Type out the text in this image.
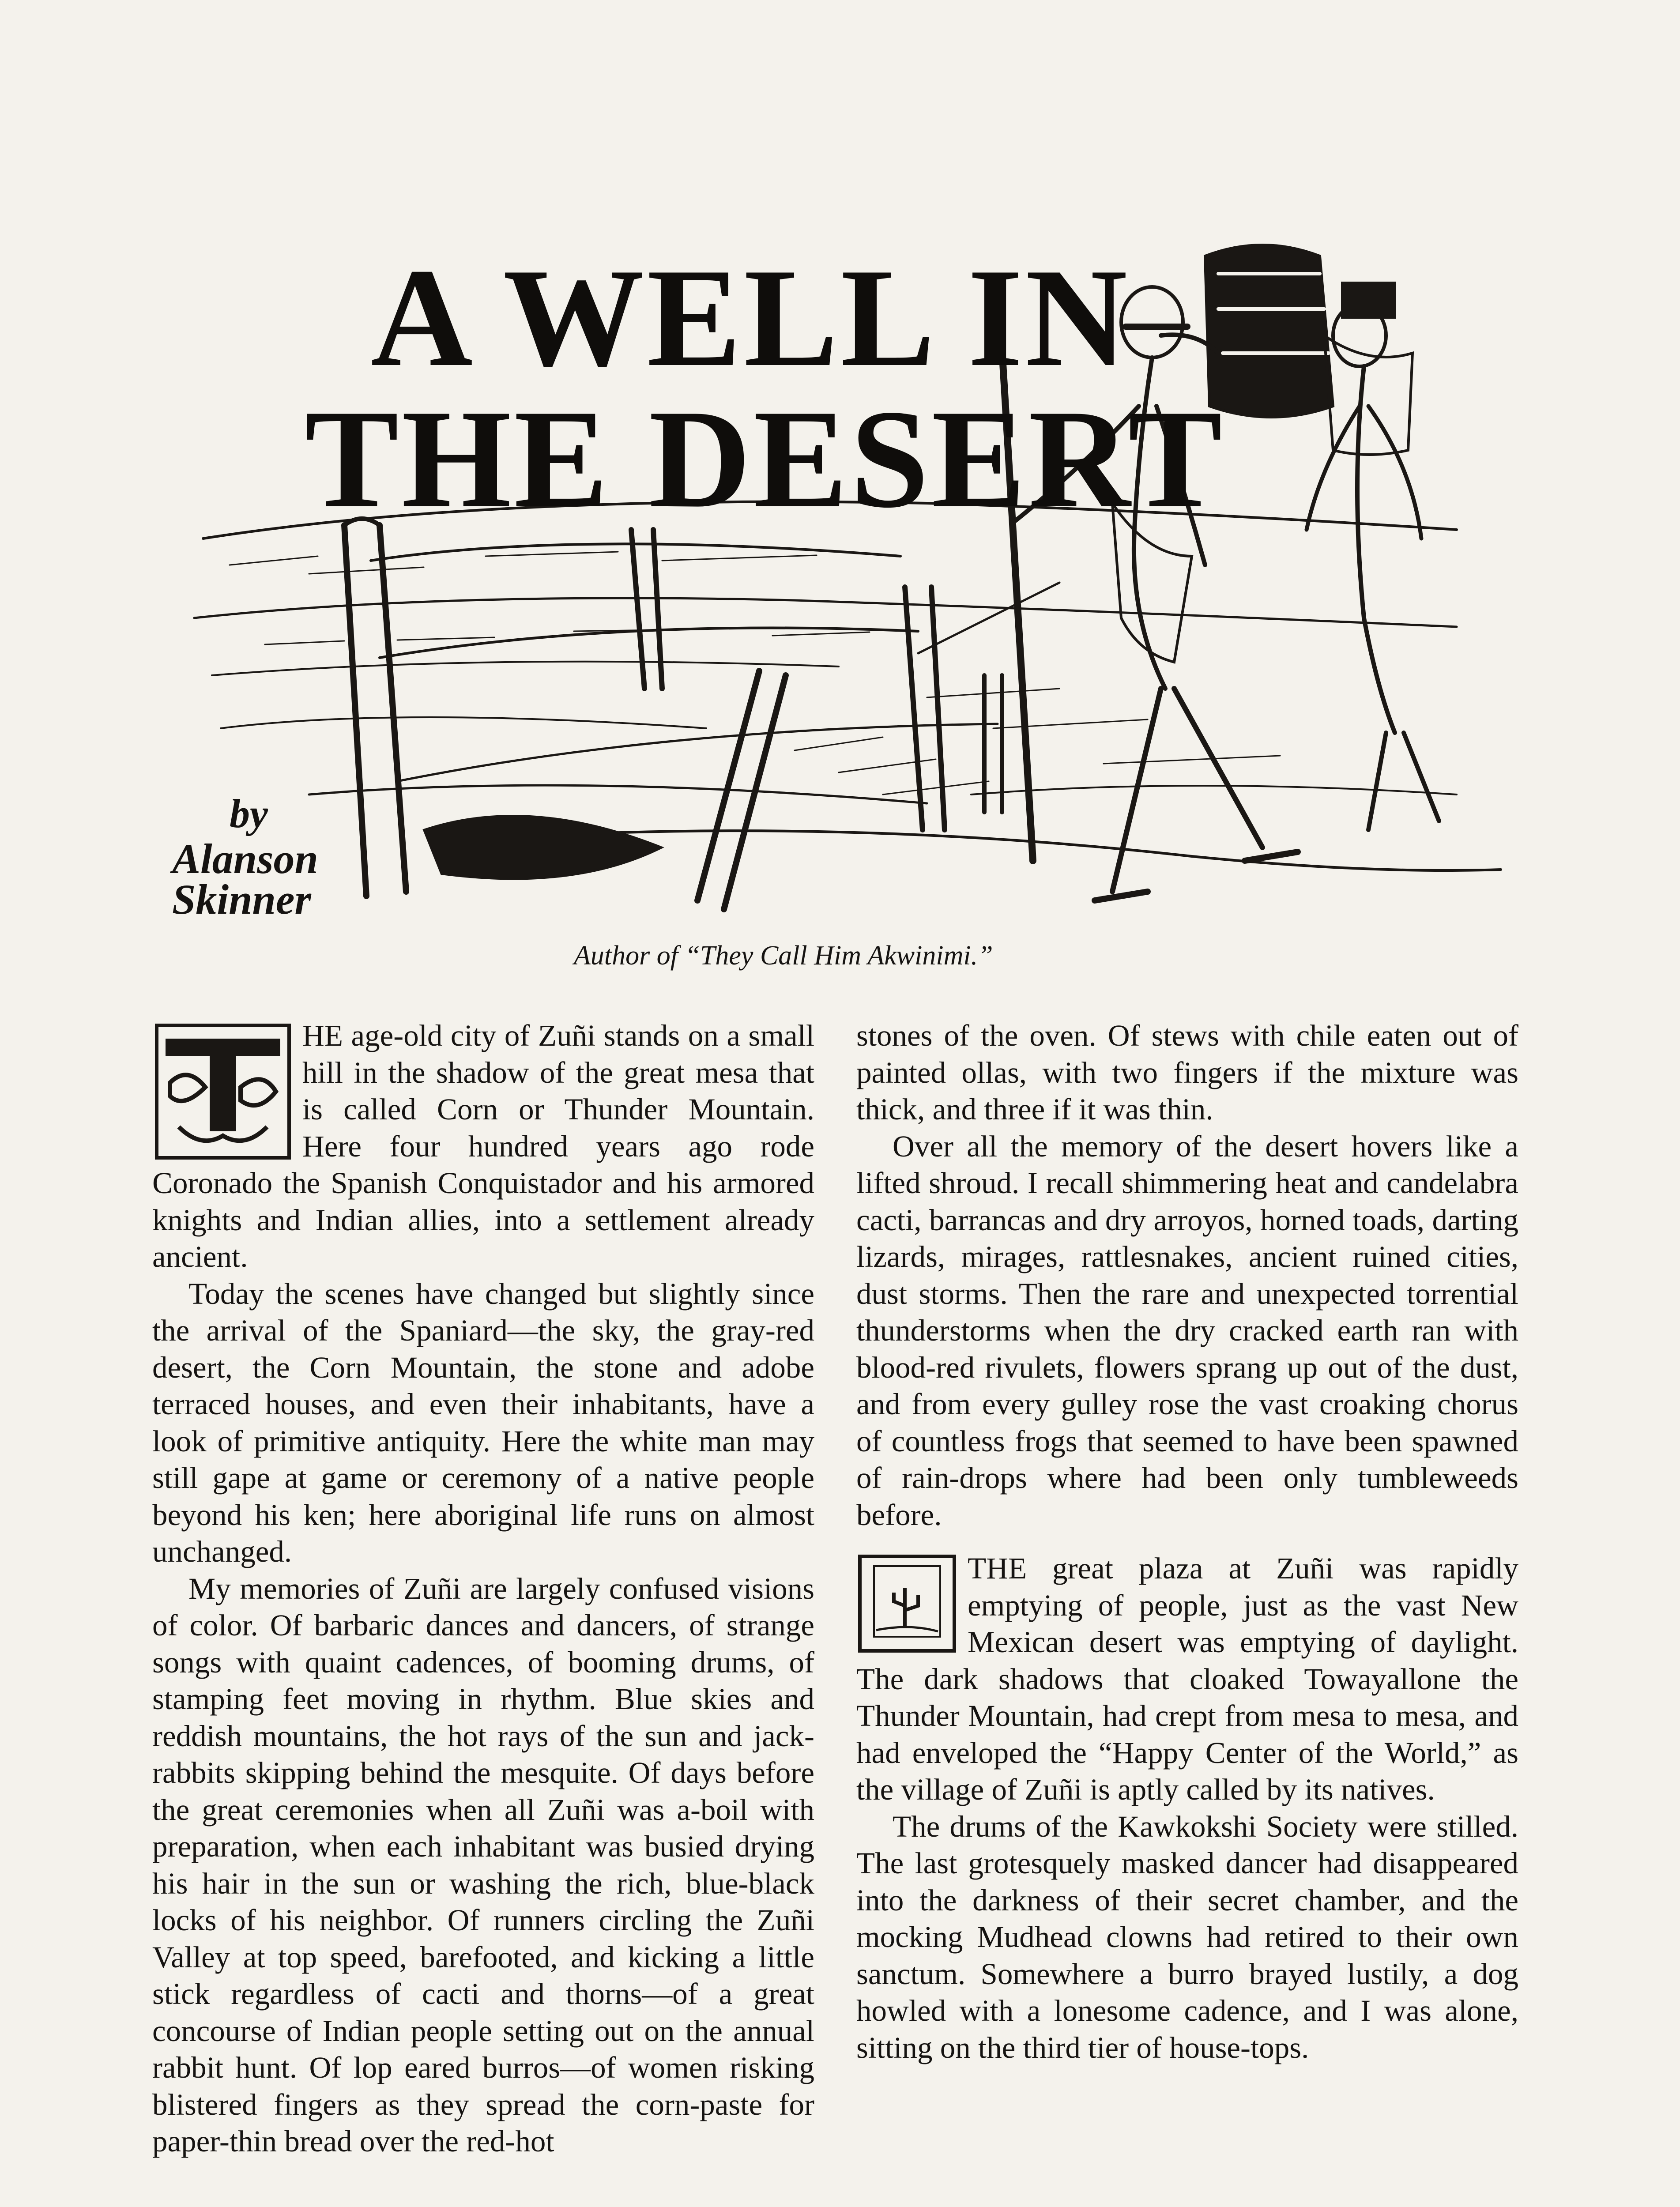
A WELL IN
THE DESERT
by
Alanson Skinner
Author of “They Call Him Akwinimi.”

HE age-old city of Zuñi stands on a small hill in the shadow of the great mesa that is called Corn or Thunder Mountain. Here four hundred years ago rode Coronado the Spanish Conquistador and his armored knights and Indian allies, into a settlement already ancient.

Today the scenes have changed but slightly since the arrival of the Spaniard—the sky, the gray-red desert, the Corn Mountain, the stone and adobe terraced houses, and even their inhabitants, have a look of primitive antiquity. Here the white man may still gape at game or ceremony of a native people beyond his ken; here aboriginal life runs on almost unchanged.

My memories of Zuñi are largely confused visions of color. Of barbaric dances and dancers, of strange songs with quaint cadences, of booming drums, of stamping feet moving in rhythm. Blue skies and reddish mountains, the hot rays of the sun and jack-rabbits skipping behind the mesquite. Of days before the great ceremonies when all Zuñi was a-boil with preparation, when each inhabitant was busied drying his hair in the sun or washing the rich, blue-black locks of his neighbor. Of runners circling the Zuñi Valley at top speed, barefooted, and kicking a little stick regardless of cacti and thorns—of a great concourse of Indian people setting out on the annual rabbit hunt. Of lop eared burros—of women risking blistered fingers as they spread the corn-paste for paper-thin bread over the red-hot

stones of the oven. Of stews with chile eaten out of painted ollas, with two fingers if the mixture was thick, and three if it was thin.

Over all the memory of the desert hovers like a lifted shroud. I recall shimmering heat and candelabra cacti, barrancas and dry arroyos, horned toads, darting lizards, mirages, rattlesnakes, ancient ruined cities, dust storms. Then the rare and unexpected torrential thunderstorms when the dry cracked earth ran with blood-red rivulets, flowers sprang up out of the dust, and from every gulley rose the vast croaking chorus of countless frogs that seemed to have been spawned of rain-drops where had been only tumbleweeds before.

THE great plaza at Zuñi was rapidly emptying of people, just as the vast New Mexican desert was emptying of daylight. The dark shadows that cloaked Towayallone the Thunder Mountain, had crept from mesa to mesa, and had enveloped the “Happy Center of the World,” as the village of Zuñi is aptly called by its natives.

The drums of the Kawkokshi Society were stilled. The last grotesquely masked dancer had disappeared into the darkness of their secret chamber, and the mocking Mudhead clowns had retired to their own sanctum. Somewhere a burro brayed lustily, a dog howled with a lonesome cadence, and I was alone, sitting on the third tier of house-tops.
